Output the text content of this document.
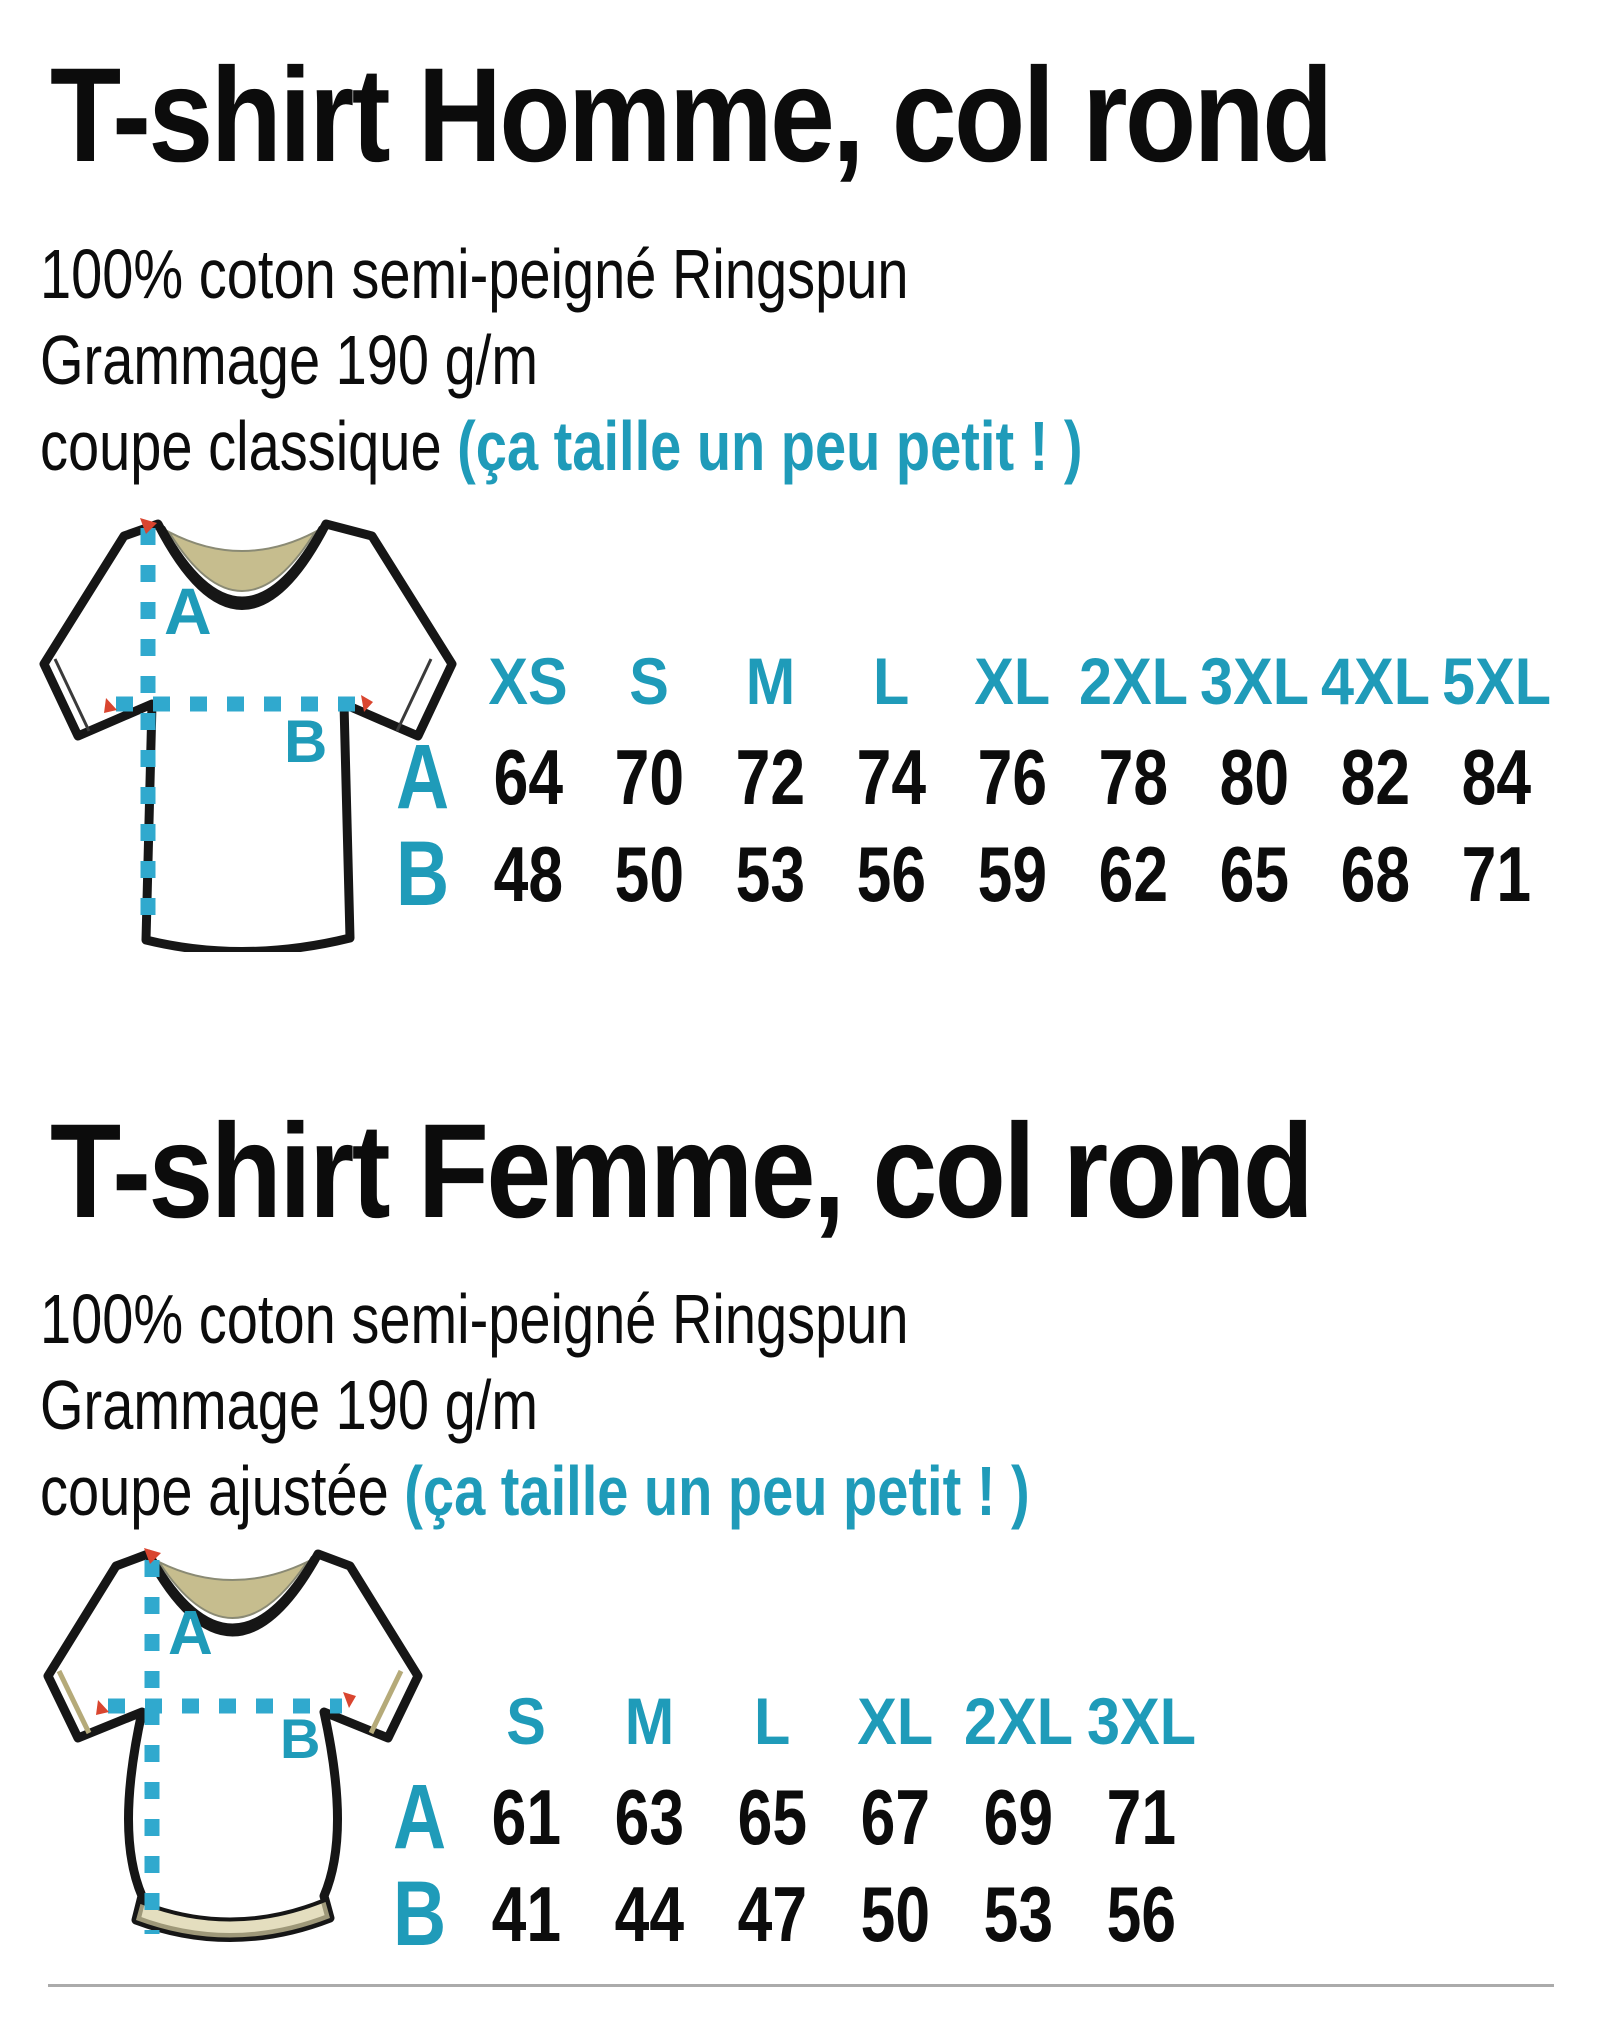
T-shirt Homme, col rond
100% coton semi-peigné Ringspun
Grammage 190 g/m
coupe classique (ça taille un peu petit ! )
A
B
XS S M L XL 2XL 3XL 4XL 5XL
A 64 70 72 74 76 78 80 82 84
B 48 50 53 56 59 62 65 68 71
T-shirt Femme, col rond
100% coton semi-peigné Ringspun
Grammage 190 g/m
coupe ajustée (ça taille un peu petit ! )
A
B	S M L XL 2XL 3XL
A 61 63 65 67 69 71
B 41 44 47 50 53 56
